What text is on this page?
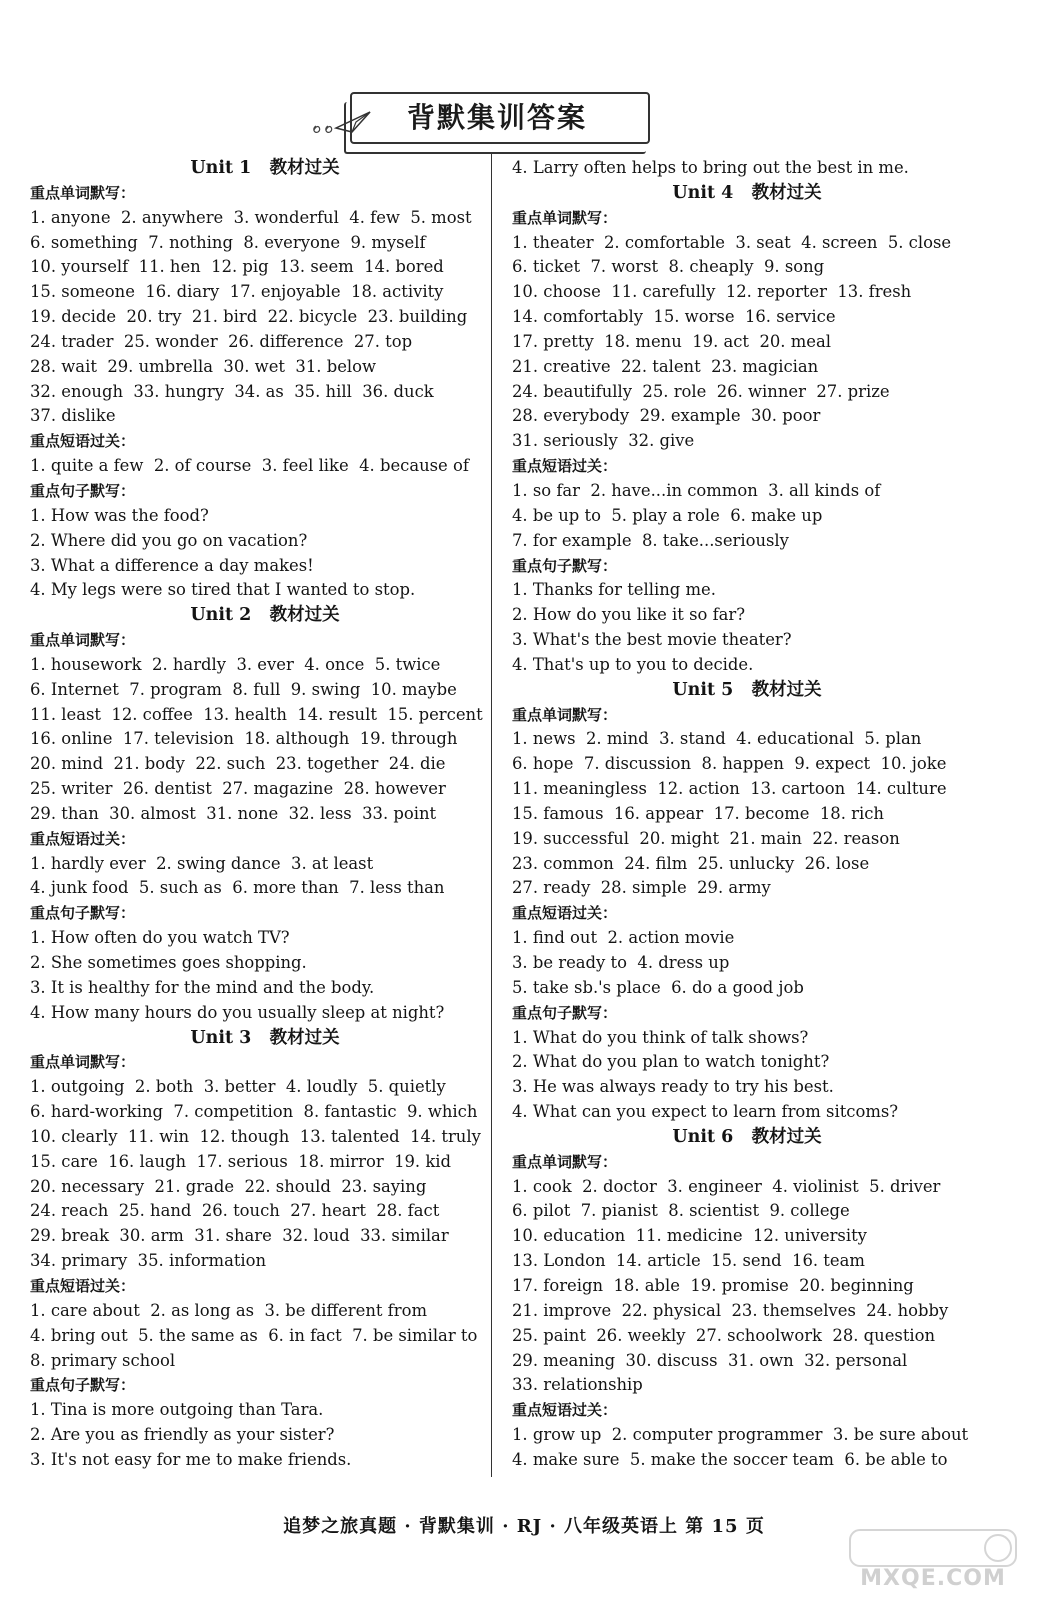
背默集训答案
Unit 1   教材过关
重点单词默写：
1. anyone  2. anywhere  3. wonderful  4. few  5. most
6. something  7. nothing  8. everyone  9. myself
10. yourself  11. hen  12. pig  13. seem  14. bored
15. someone  16. diary  17. enjoyable  18. activity
19. decide  20. try  21. bird  22. bicycle  23. building
24. trader  25. wonder  26. difference  27. top
28. wait  29. umbrella  30. wet  31. below
32. enough  33. hungry  34. as  35. hill  36. duck
37. dislike
重点短语过关：
1. quite a few  2. of course  3. feel like  4. because of
重点句子默写：
1. How was the food?
2. Where did you go on vacation?
3. What a difference a day makes!
4. My legs were so tired that I wanted to stop.
Unit 2   教材过关
重点单词默写：
1. housework  2. hardly  3. ever  4. once  5. twice
6. Internet  7. program  8. full  9. swing  10. maybe
11. least  12. coffee  13. health  14. result  15. percent
16. online  17. television  18. although  19. through
20. mind  21. body  22. such  23. together  24. die
25. writer  26. dentist  27. magazine  28. however
29. than  30. almost  31. none  32. less  33. point
重点短语过关：
1. hardly ever  2. swing dance  3. at least
4. junk food  5. such as  6. more than  7. less than
重点句子默写：
1. How often do you watch TV?
2. She sometimes goes shopping.
3. It is healthy for the mind and the body.
4. How many hours do you usually sleep at night?
Unit 3   教材过关
重点单词默写：
1. outgoing  2. both  3. better  4. loudly  5. quietly
6. hard-working  7. competition  8. fantastic  9. which
10. clearly  11. win  12. though  13. talented  14. truly
15. care  16. laugh  17. serious  18. mirror  19. kid
20. necessary  21. grade  22. should  23. saying
24. reach  25. hand  26. touch  27. heart  28. fact
29. break  30. arm  31. share  32. loud  33. similar
34. primary  35. information
重点短语过关：
1. care about  2. as long as  3. be different from
4. bring out  5. the same as  6. in fact  7. be similar to
8. primary school
重点句子默写：
1. Tina is more outgoing than Tara.
2. Are you as friendly as your sister?
3. It's not easy for me to make friends.
4. Larry often helps to bring out the best in me.
Unit 4   教材过关
重点单词默写：
1. theater  2. comfortable  3. seat  4. screen  5. close
6. ticket  7. worst  8. cheaply  9. song
10. choose  11. carefully  12. reporter  13. fresh
14. comfortably  15. worse  16. service
17. pretty  18. menu  19. act  20. meal
21. creative  22. talent  23. magician
24. beautifully  25. role  26. winner  27. prize
28. everybody  29. example  30. poor
31. seriously  32. give
重点短语过关：
1. so far  2. have...in common  3. all kinds of
4. be up to  5. play a role  6. make up
7. for example  8. take...seriously
重点句子默写：
1. Thanks for telling me.
2. How do you like it so far?
3. What's the best movie theater?
4. That's up to you to decide.
Unit 5   教材过关
重点单词默写：
1. news  2. mind  3. stand  4. educational  5. plan
6. hope  7. discussion  8. happen  9. expect  10. joke
11. meaningless  12. action  13. cartoon  14. culture
15. famous  16. appear  17. become  18. rich
19. successful  20. might  21. main  22. reason
23. common  24. film  25. unlucky  26. lose
27. ready  28. simple  29. army
重点短语过关：
1. find out  2. action movie
3. be ready to  4. dress up
5. take sb.'s place  6. do a good job
重点句子默写：
1. What do you think of talk shows?
2. What do you plan to watch tonight?
3. He was always ready to try his best.
4. What can you expect to learn from sitcoms?
Unit 6   教材过关
重点单词默写：
1. cook  2. doctor  3. engineer  4. violinist  5. driver
6. pilot  7. pianist  8. scientist  9. college
10. education  11. medicine  12. university
13. London  14. article  15. send  16. team
17. foreign  18. able  19. promise  20. beginning
21. improve  22. physical  23. themselves  24. hobby
25. paint  26. weekly  27. schoolwork  28. question
29. meaning  30. discuss  31. own  32. personal
33. relationship
重点短语过关：
1. grow up  2. computer programmer  3. be sure about
4. make sure  5. make the soccer team  6. be able to
追梦之旅真题 · 背默集训 · RJ · 八年级英语上 第 15 页
MXQE.COM
